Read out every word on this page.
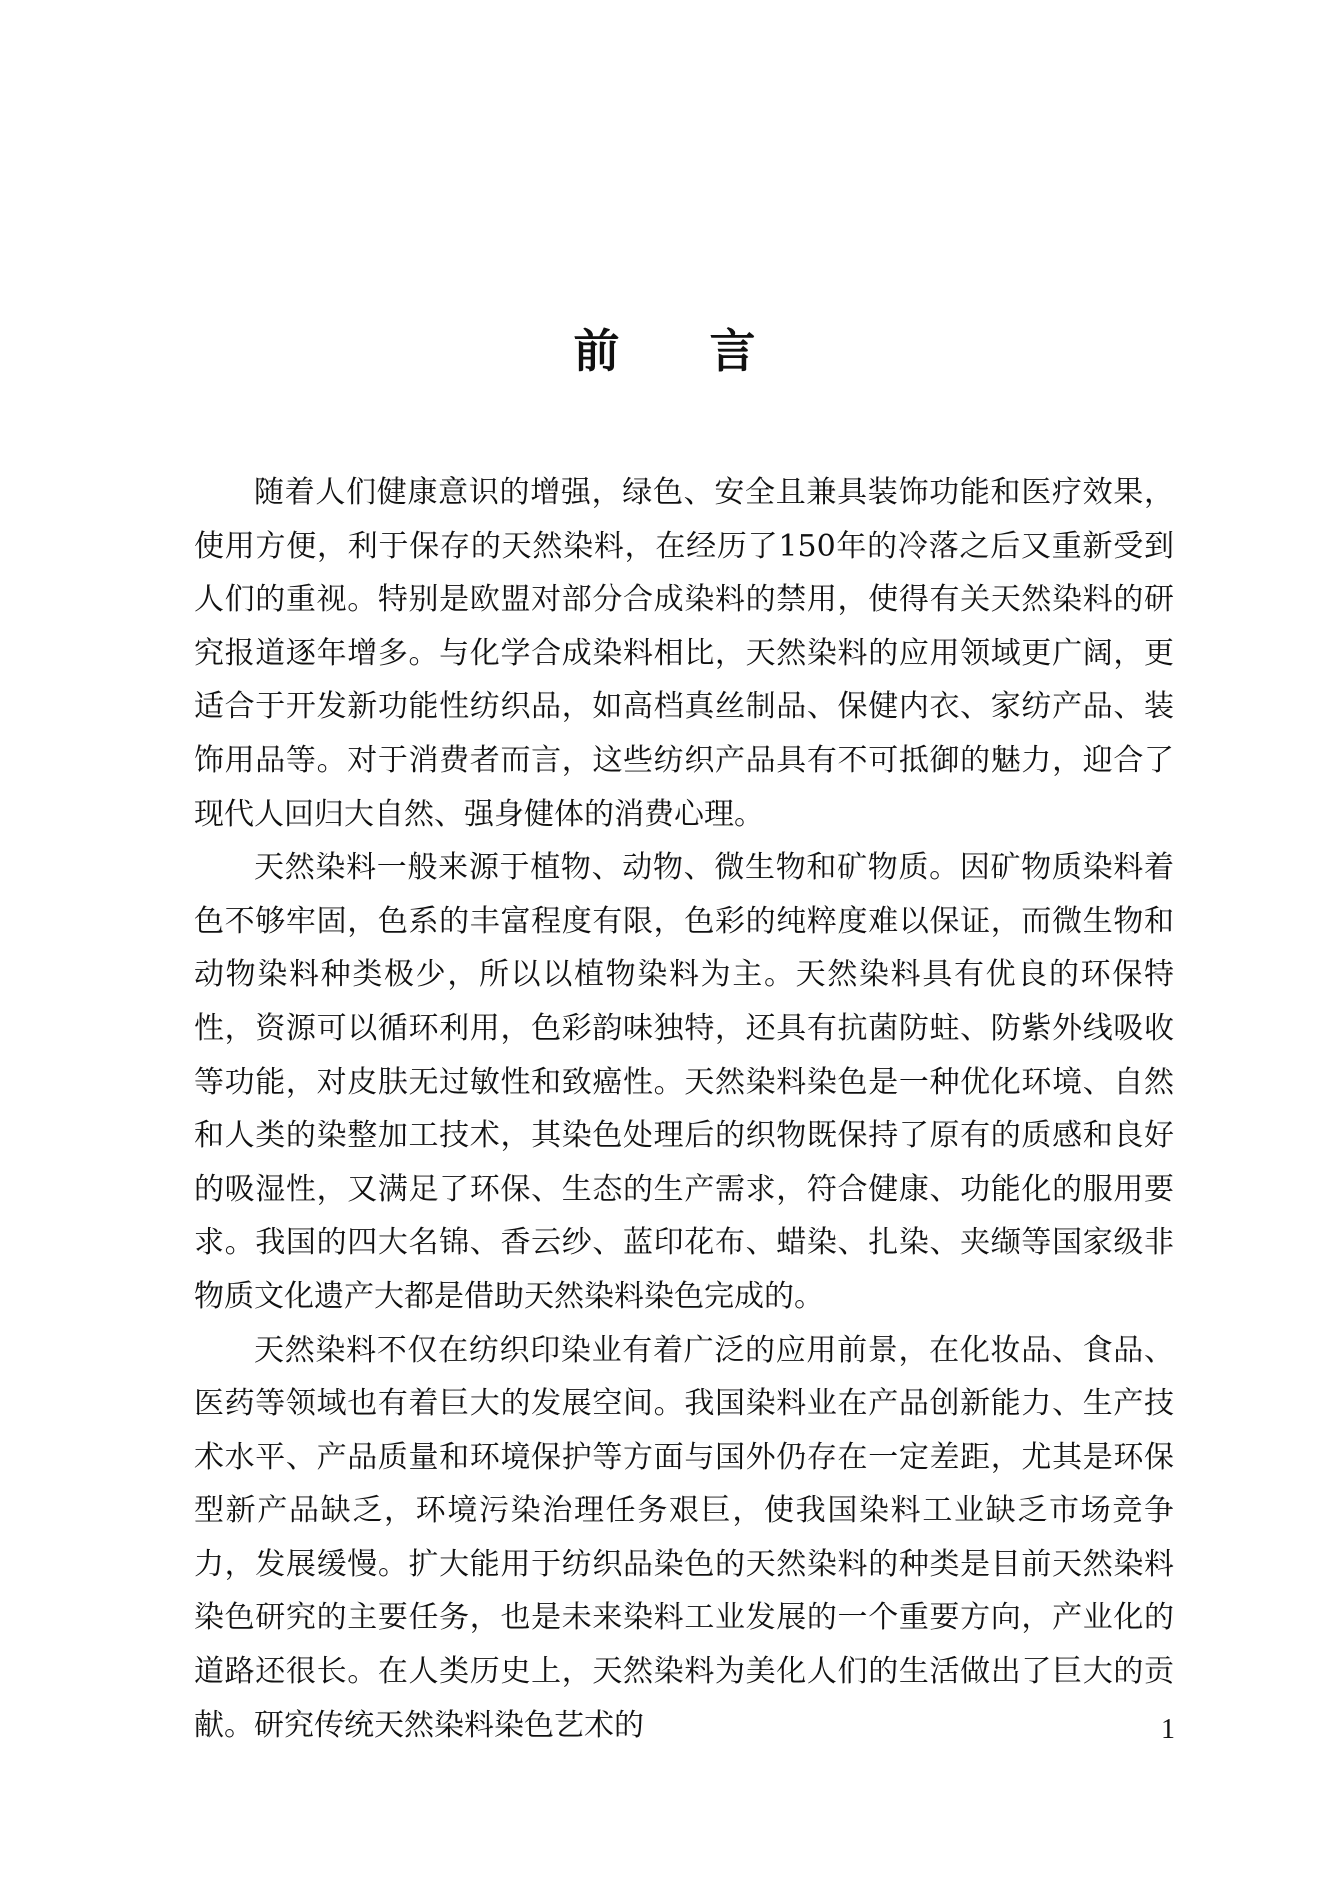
前 言

随着人们健康意识的增强，绿色、安全且兼具装饰功能和医疗效果，使用方便，利于保存的天然染料，在经历了150年的冷落之后又重新受到人们的重视。特别是欧盟对部分合成染料的禁用，使得有关天然染料的研究报道逐年增多。与化学合成染料相比，天然染料的应用领域更广阔，更适合于开发新功能性纺织品，如高档真丝制品、保健内衣、家纺产品、装饰用品等。对于消费者而言，这些纺织产品具有不可抵御的魅力，迎合了现代人回归大自然、强身健体的消费心理。

天然染料一般来源于植物、动物、微生物和矿物质。因矿物质染料着色不够牢固，色系的丰富程度有限，色彩的纯粹度难以保证，而微生物和动物染料种类极少，所以以植物染料为主。天然染料具有优良的环保特性，资源可以循环利用，色彩韵味独特，还具有抗菌防蛀、防紫外线吸收等功能，对皮肤无过敏性和致癌性。天然染料染色是一种优化环境、自然和人类的染整加工技术，其染色处理后的织物既保持了原有的质感和良好的吸湿性，又满足了环保、生态的生产需求，符合健康、功能化的服用要求。我国的四大名锦、香云纱、蓝印花布、蜡染、扎染、夹缬等国家级非物质文化遗产大都是借助天然染料染色完成的。

天然染料不仅在纺织印染业有着广泛的应用前景，在化妆品、食品、医药等领域也有着巨大的发展空间。我国染料业在产品创新能力、生产技术水平、产品质量和环境保护等方面与国外仍存在一定差距，尤其是环保型新产品缺乏，环境污染治理任务艰巨，使我国染料工业缺乏市场竞争力，发展缓慢。扩大能用于纺织品染色的天然染料的种类是目前天然染料染色研究的主要任务，也是未来染料工业发展的一个重要方向，产业化的道路还很长。在人类历史上，天然染料为美化人们的生活做出了巨大的贡献。研究传统天然染料染色艺术的	1
